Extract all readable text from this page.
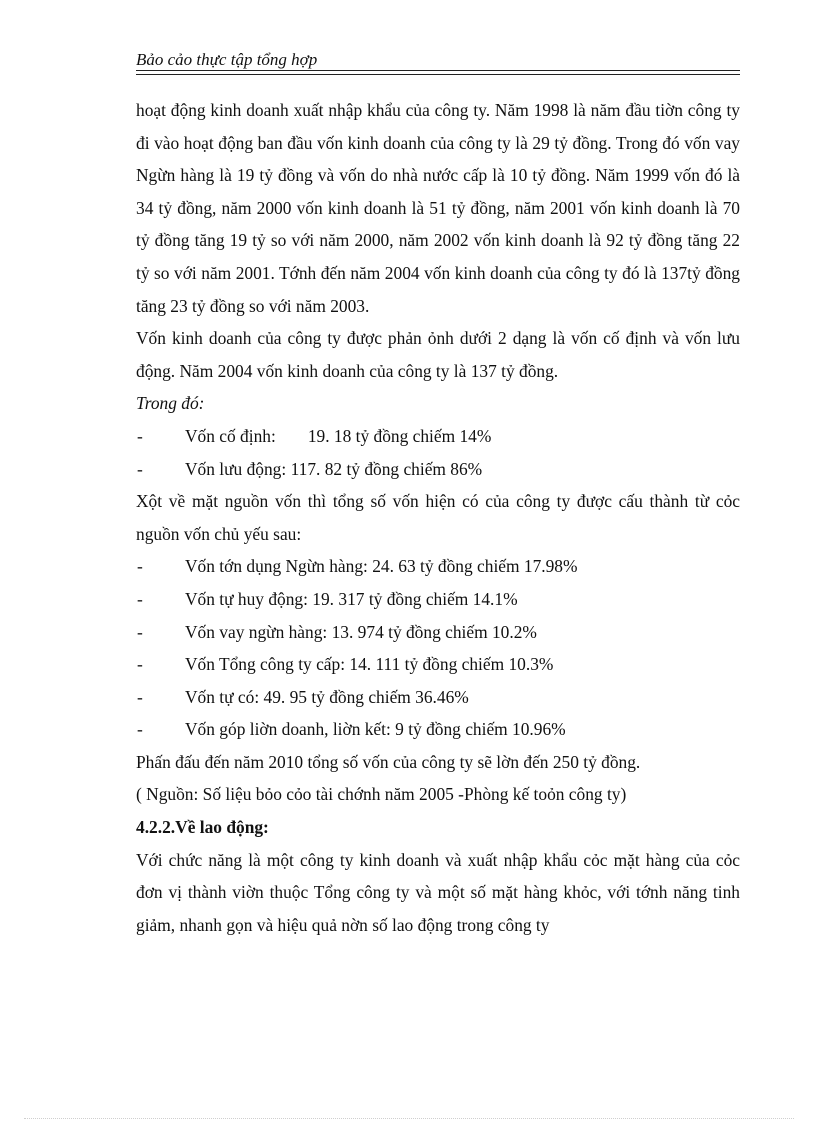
Bảo cảo thực tập tổng hợp

hoạt động kinh doanh xuất nhập khẩu của công ty. Năm 1998 là năm đầu tiờn công ty đi vào hoạt động ban đầu vốn kinh doanh của công ty là 29 tỷ đồng. Trong đó vốn vay Ngừn hàng là 19 tỷ đồng và vốn do nhà nước cấp là 10 tỷ đồng. Năm 1999 vốn đó là 34 tỷ đồng, năm 2000 vốn kinh doanh là 51 tỷ đồng, năm 2001 vốn kinh doanh là 70 tỷ đồng tăng 19 tỷ so với năm 2000, năm 2002 vốn kinh doanh là 92 tỷ đồng tăng 22 tỷ so với năm 2001. Tớnh đến năm 2004 vốn kinh doanh của công ty đó là 137tỷ đồng tăng 23 tỷ đồng so với năm 2003.

Vốn kinh doanh của công ty được phản ỏnh dưới 2 dạng là vốn cố định và vốn lưu động. Năm 2004 vốn kinh doanh của công ty là 137 tỷ đồng.

Trong đó:

- Vốn cố định: 19. 18 tỷ đồng chiếm 14%

- Vốn lưu động: 117. 82 tỷ đồng chiếm 86%

Xột về mặt nguồn vốn thì tổng số vốn hiện có của công ty được cấu thành từ cỏc nguồn vốn chủ yếu sau:

- Vốn tớn dụng Ngừn hàng: 24. 63 tỷ đồng chiếm 17.98%

- Vốn tự huy động: 19. 317 tỷ đồng chiếm 14.1%

- Vốn vay ngừn hàng: 13. 974 tỷ đồng chiếm 10.2%

- Vốn Tổng công ty cấp: 14. 111 tỷ đồng chiếm 10.3%

- Vốn tự có: 49. 95 tỷ đồng chiếm 36.46%

- Vốn góp liờn doanh, liờn kết: 9 tỷ đồng chiếm 10.96%

Phấn đấu đến năm 2010 tổng số vốn của công ty sẽ lờn đến 250 tỷ đồng.

( Nguồn: Số liệu bỏo cỏo tài chớnh năm 2005 -Phòng kế toỏn công ty)

4.2.2.Về lao động:

Với chức năng là một công ty kinh doanh và xuất nhập khẩu cỏc mặt hàng của cỏc đơn vị thành viờn thuộc Tổng công ty và một số mặt hàng khỏc, với tớnh năng tinh giảm, nhanh gọn và hiệu quả nờn số lao động trong công ty
